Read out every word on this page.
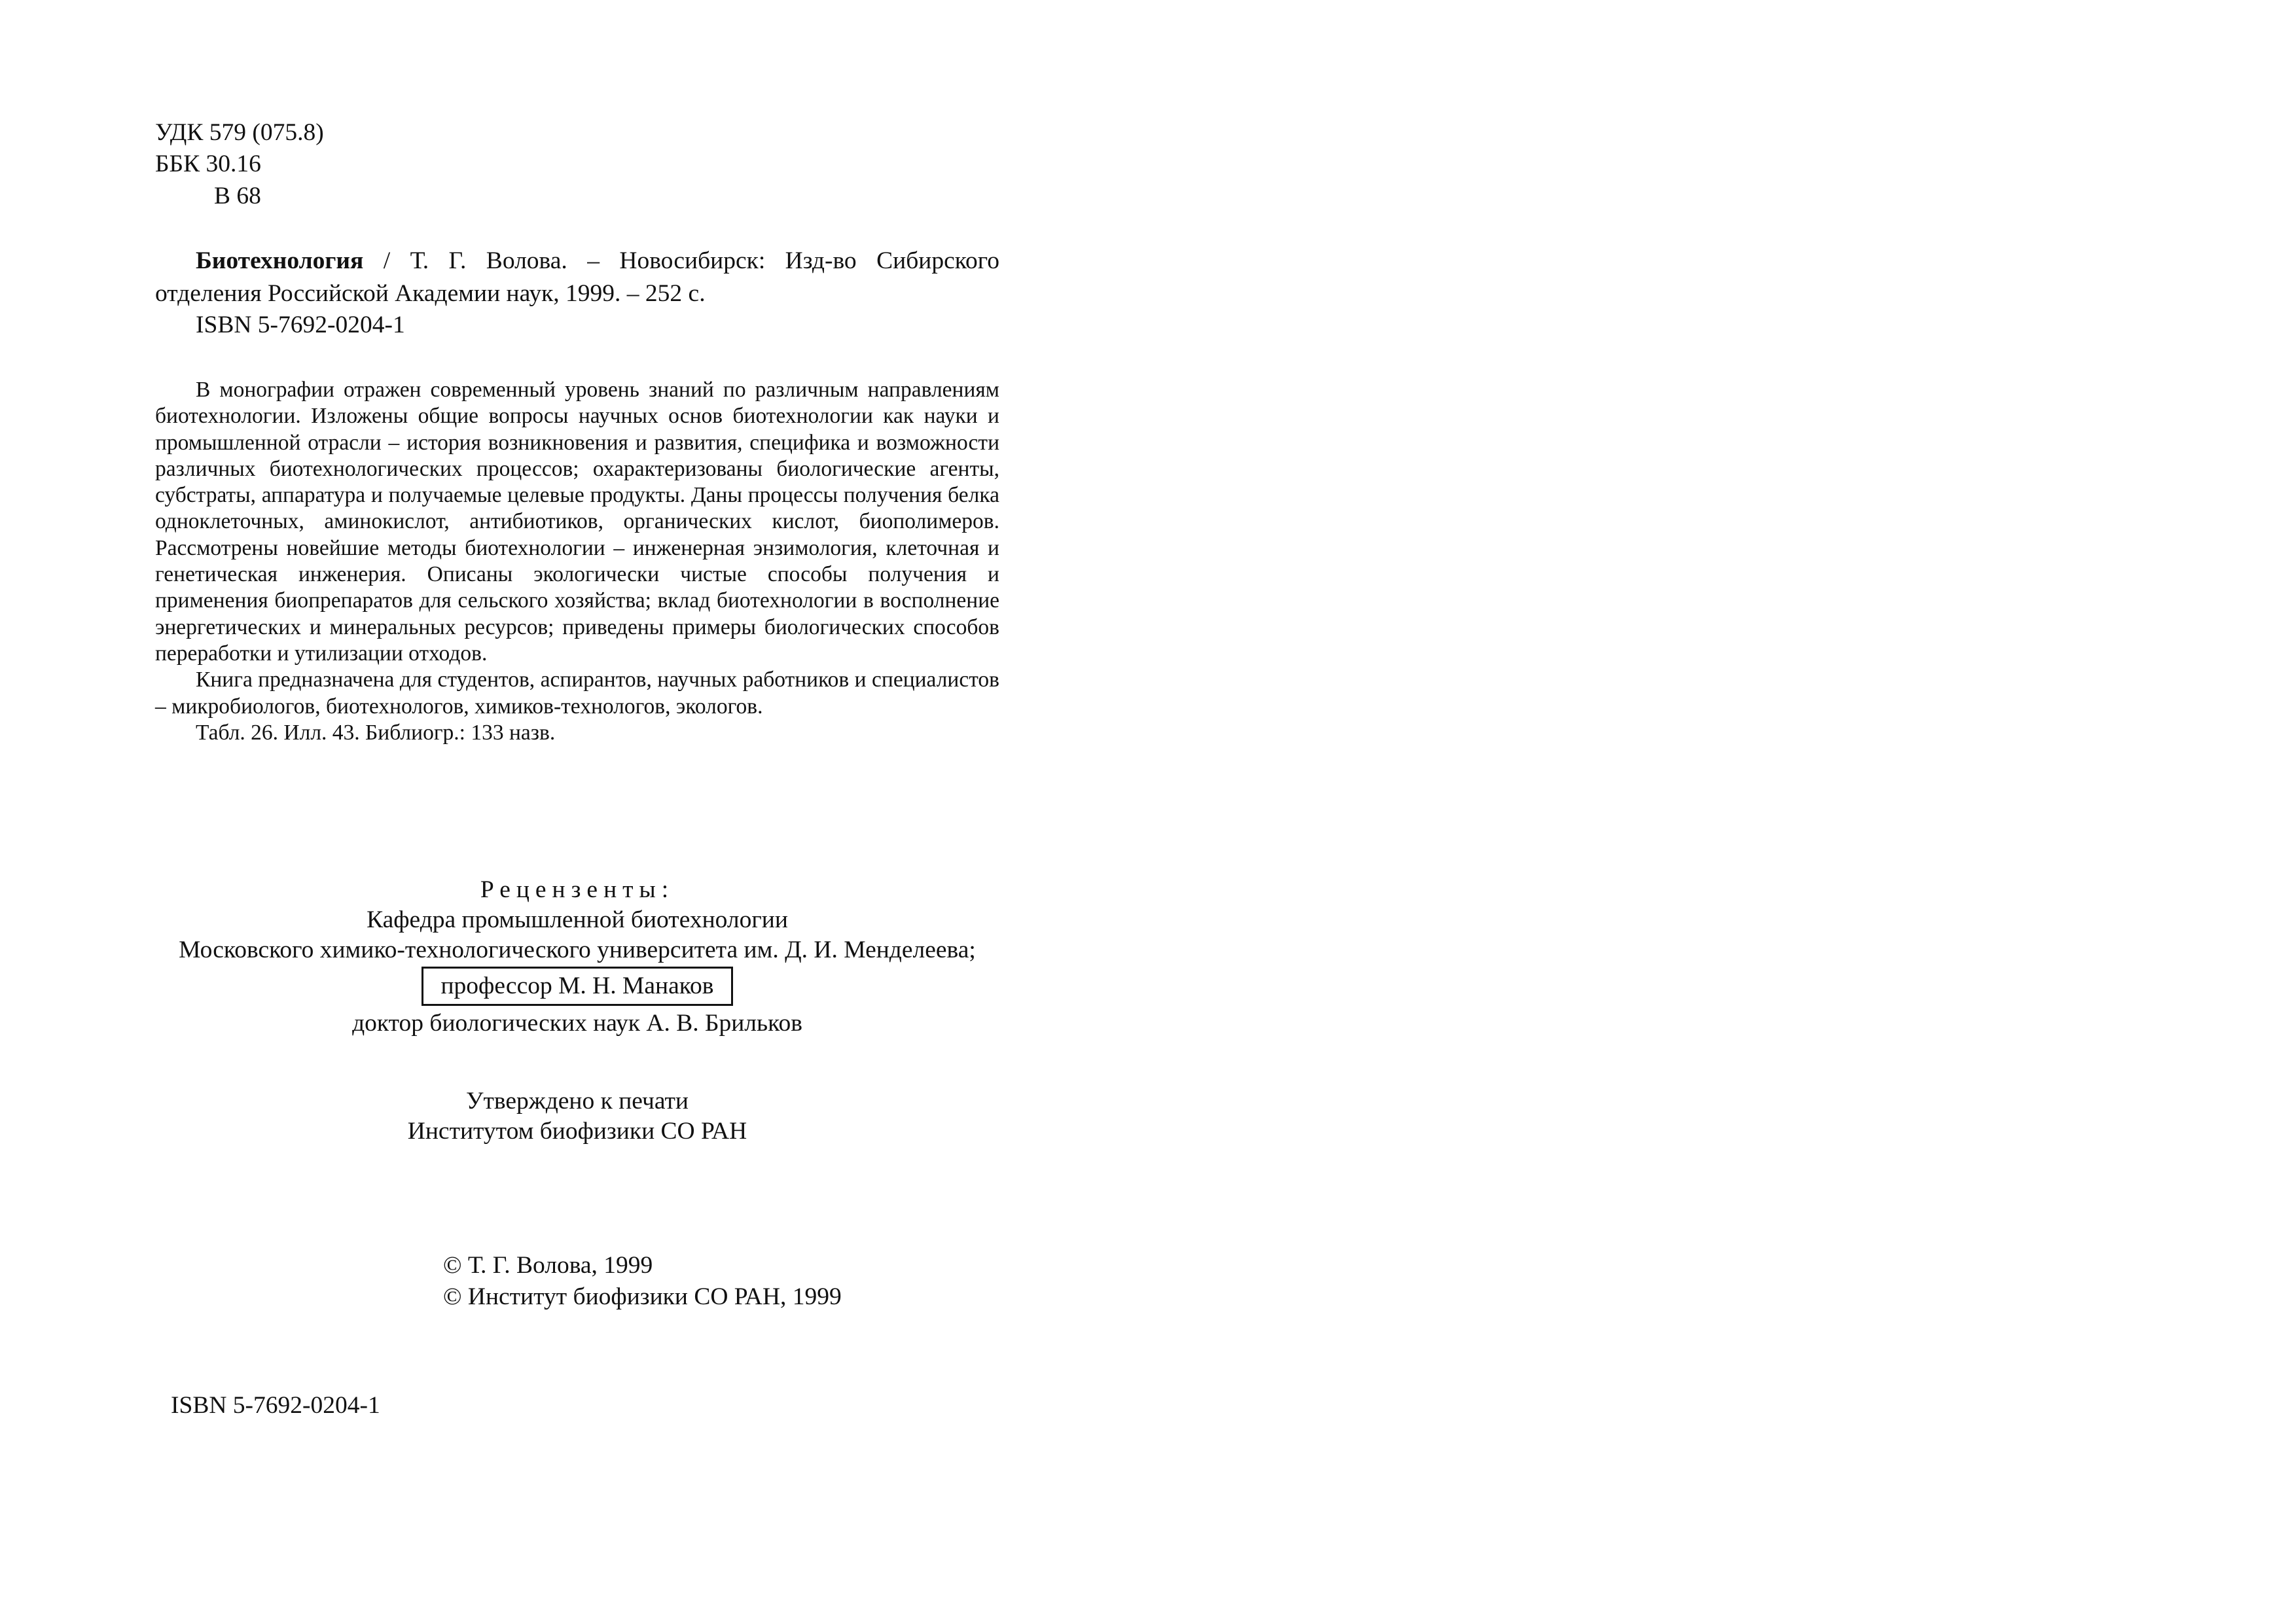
УДК 579 (075.8)
ББК 30.16
В 68

Биотехнология / Т. Г. Волова. – Новосибирск: Изд-во Сибирского

отделения Российской Академии наук, 1999. – 252 с.

ISBN 5-7692-0204-1

В монографии отражен современный уровень знаний по различным направлениям биотехнологии. Изложены общие вопросы научных основ биотехнологии как науки и промышленной отрасли – история возникновения и развития, специфика и возможности различных биотехнологических процессов; охарактеризованы биологические агенты, субстраты, аппаратура и получаемые целевые продукты. Даны процессы получения белка одноклеточных, аминокислот, антибиотиков, органических кислот, биополимеров. Рассмотрены новейшие методы биотехнологии – инженерная энзимология, клеточная и генетическая инженерия. Описаны экологически чистые способы получения и применения биопрепаратов для сельского хозяйства; вклад биотехнологии в восполнение энергетических и минеральных ресурсов; приведены примеры биологических способов переработки и утилизации отходов.

Книга предназначена для студентов, аспирантов, научных работников и специалистов – микробиологов, биотехнологов, химиков-технологов, экологов.

Табл. 26. Илл. 43. Библиогр.: 133 назв.

Рецензенты:
Кафедра промышленной биотехнологии
Московского химико-технологического университета им. Д. И. Менделеева;
профессор М. Н. Манаков
доктор биологических наук А. В. Брильков
Утверждено к печати
Институтом биофизики СО РАН
© Т. Г. Волова, 1999
© Институт биофизики СО РАН, 1999
ISBN 5-7692-0204-1
